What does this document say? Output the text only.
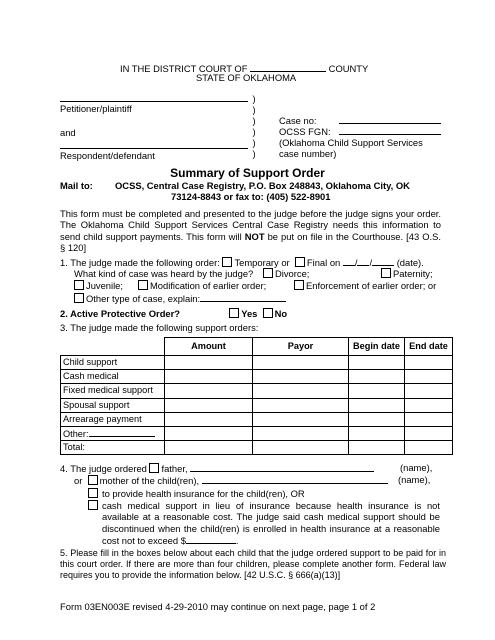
IN THE DISTRICT COURT OF	COUNTY
STATE OF OKLAHOMA
)
)
)
)
)
)
Petitioner/plaintiff
and
Respondent/defendant
Case no:
OCSS FGN:
(Oklahoma Child Support Services
case number)
Summary of Support Order
Mail to: OCSS, Central Case Registry, P.O. Box 248843, Oklahoma City, OK
73124-8843 or fax to: (405) 522-8901
This form must be completed and presented to the judge before the judge signs your order. The Oklahoma Child Support Services Central Case Registry needs this information to send child support payments. This form will NOT be put on file in the Courthouse. [43 O.S. § 120]
1. The judge made the following order: Temporary or Final on / /	(date).
What kind of case was heard by the judge?	Divorce;	Paternity;
Juvenile;	Modification of earlier order;	Enforcement of earlier order; or
Other type of case, explain:
2. Active Protective Order?	Yes No
3. The judge made the following support orders:
	Amount	Payor	Begin date	End date
Child support				
Cash medical				
Fixed medical support				
Spousal support				
Arrearage payment				
Other:				
Total:				
4. The judge ordered father,	(name),
or mother of the child(ren),	(name),
to provide health insurance for the child(ren), OR
cash medical support in lieu of insurance because health insurance is not available at a reasonable cost. The judge said cash medical support should be discontinued when the child(ren) is enrolled in health insurance at a reasonable cost not to exceed $	.
5. Please fill in the boxes below about each child that the judge ordered support to be paid for in this court order. If there are more than four children, please complete another form. Federal law requires you to provide the information below. [42 U.S.C. § 666(a)(13)]
Form 03EN003E revised 4-29-2010 may continue on next page, page 1 of 2
